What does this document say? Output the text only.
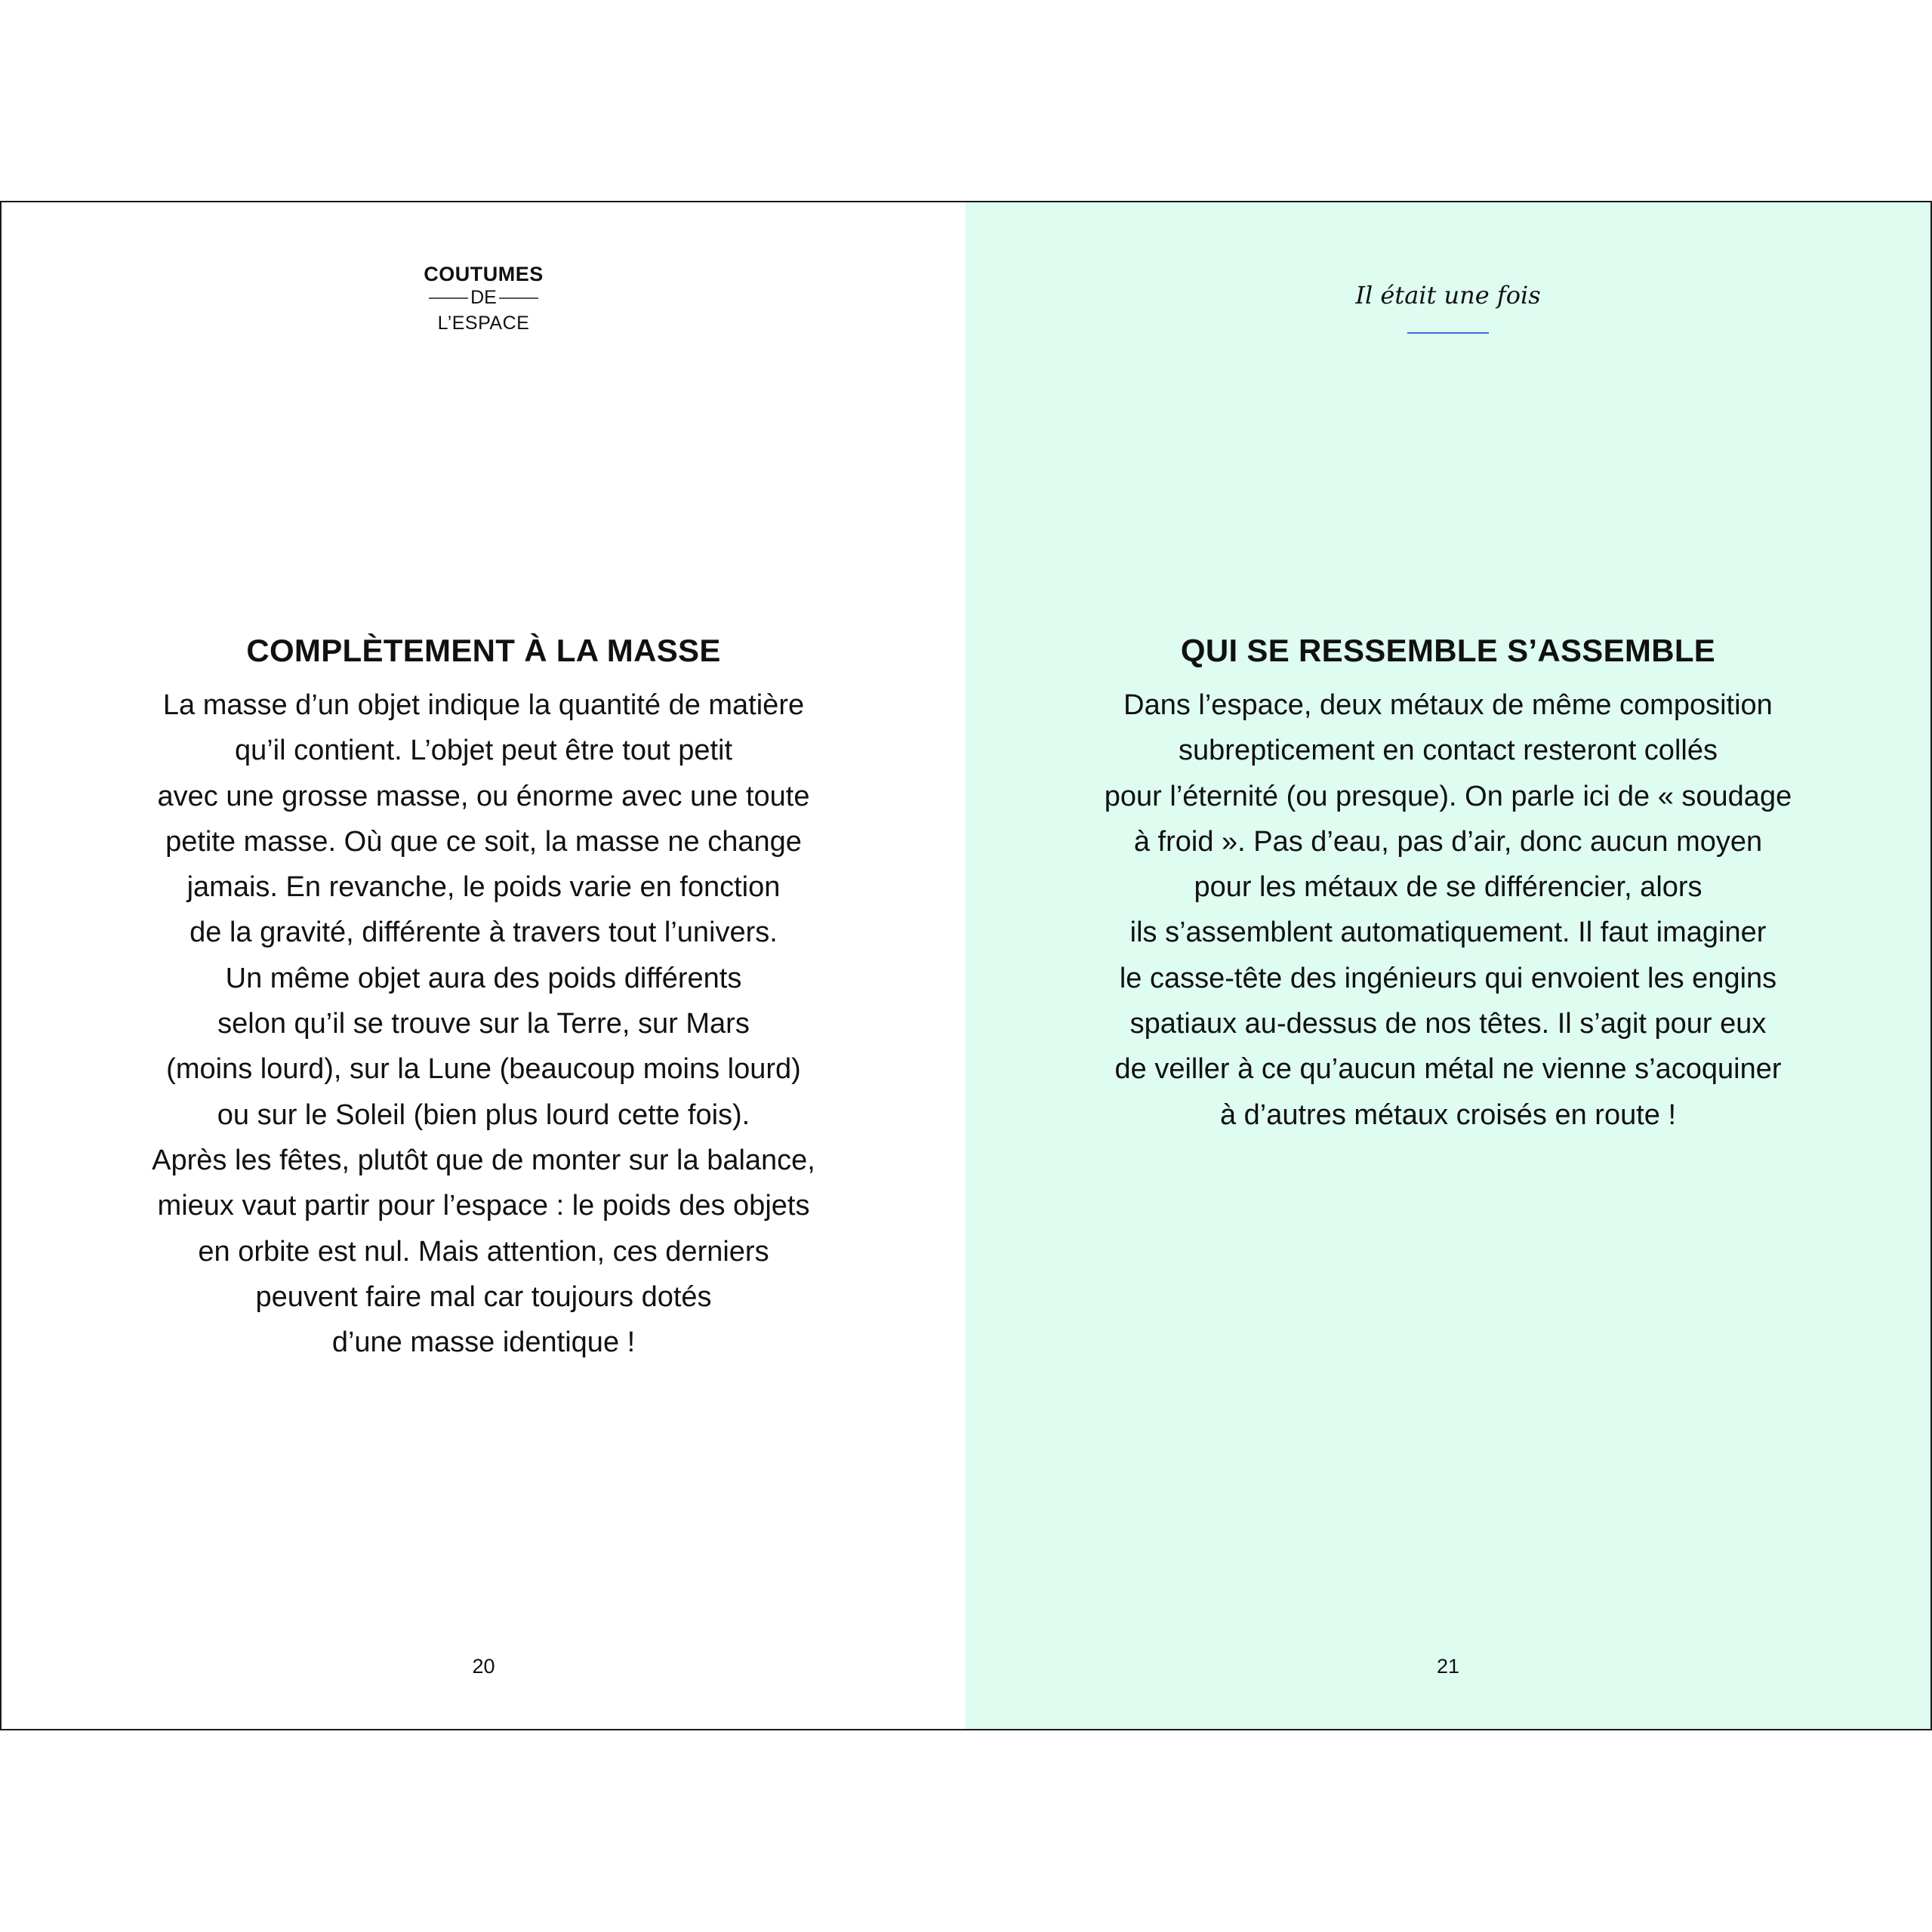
COUTUMES
DE
L’ESPACE
COMPLÈTEMENT À LA MASSE
La masse d’un objet indique la quantité de matière
qu’il contient. L’objet peut être tout petit
avec une grosse masse, ou énorme avec une toute
petite masse. Où que ce soit, la masse ne change
jamais. En revanche, le poids varie en fonction
de la gravité, différente à travers tout l’univers.
Un même objet aura des poids différents
selon qu’il se trouve sur la Terre, sur Mars
(moins lourd), sur la Lune (beaucoup moins lourd)
ou sur le Soleil (bien plus lourd cette fois).
Après les fêtes, plutôt que de monter sur la balance,
mieux vaut partir pour l’espace : le poids des objets
en orbite est nul. Mais attention, ces derniers
peuvent faire mal car toujours dotés
d’une masse identique !
20
Il était une fois
QUI SE RESSEMBLE S’ASSEMBLE
Dans l’espace, deux métaux de même composition
subrepticement en contact resteront collés
pour l’éternité (ou presque). On parle ici de « soudage
à froid ». Pas d’eau, pas d’air, donc aucun moyen
pour les métaux de se différencier, alors
ils s’assemblent automatiquement. Il faut imaginer
le casse-tête des ingénieurs qui envoient les engins
spatiaux au-dessus de nos têtes. Il s’agit pour eux
de veiller à ce qu’aucun métal ne vienne s’acoquiner
à d’autres métaux croisés en route !
21
